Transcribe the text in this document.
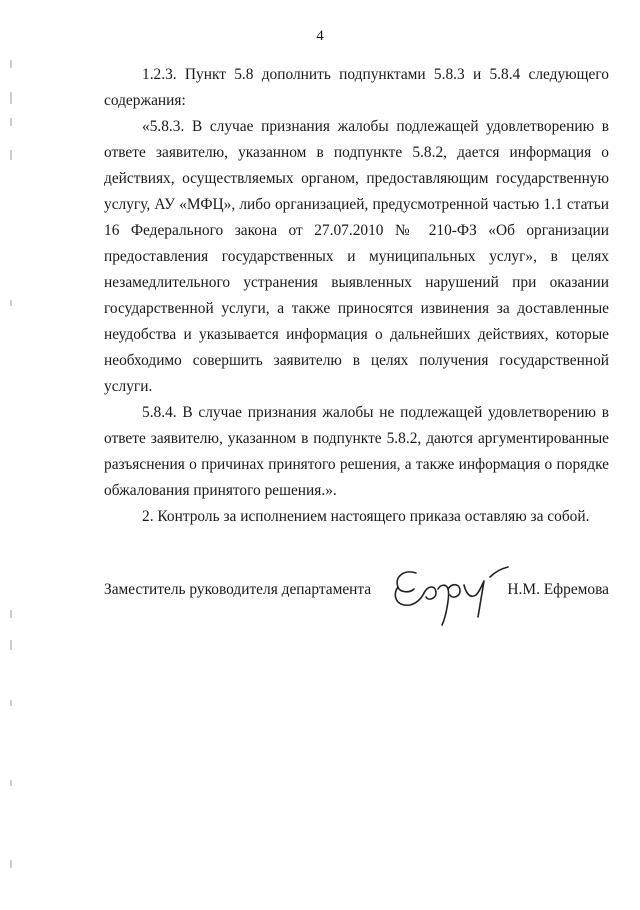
4

1.2.3. Пункт 5.8 дополнить подпунктами 5.8.3 и 5.8.4 следующего содержания:

«5.8.3. В случае признания жалобы подлежащей удовлетворению в ответе заявителю, указанном в подпункте 5.8.2, дается информация о действиях, осуществляемых органом, предоставляющим государственную услугу, АУ «МФЦ», либо организацией, предусмотренной частью 1.1 статьи 16 Федерального закона от 27.07.2010 № 210-ФЗ «Об организации предоставления государственных и муниципальных услуг», в целях незамедлительного устранения выявленных нарушений при оказании государственной услуги, а также приносятся извинения за доставленные неудобства и указывается информация о дальнейших действиях, которые необходимо совершить заявителю в целях получения государственной услуги.

5.8.4. В случае признания жалобы не подлежащей удовлетворению в ответе заявителю, указанном в подпункте 5.8.2, даются аргументированные разъяснения о причинах принятого решения, а также информация о порядке обжалования принятого решения.».

2. Контроль за исполнением настоящего приказа оставляю за собой.

Заместитель руководителя департамента	Н.М. Ефремова
